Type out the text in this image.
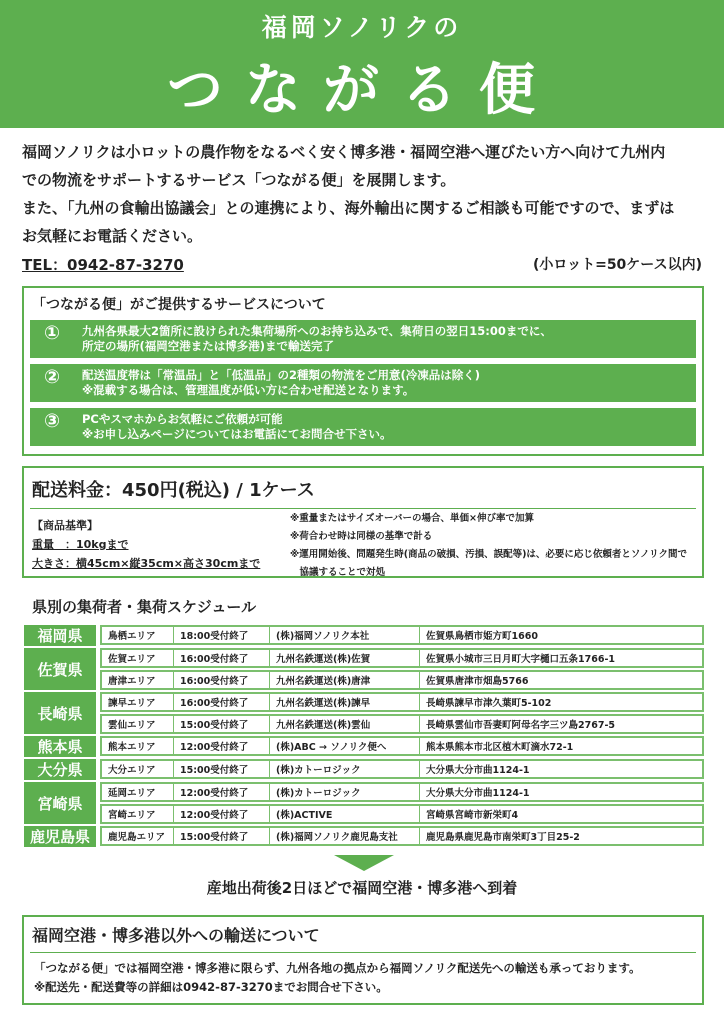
福岡ソノリクの
つながる便
福岡ソノリクは小ロットの農作物をなるべく安く博多港・福岡空港へ運びたい方へ向けて九州内
での物流をサポートするサービス「つながる便」を展開します。
また、「九州の食輸出協議会」との連携により、海外輸出に関するご相談も可能ですので、まずは
お気軽にお電話ください。
TEL：0942-87-3270	(小ロット=50ケース以内)
「つながる便」がご提供するサービスについて
① 九州各県最大2箇所に設けられた集荷場所へのお持ち込みで、集荷日の翌日15:00までに、
所定の場所(福岡空港または博多港)まで輸送完了
② 配送温度帯は「常温品」と「低温品」の2種類の物流をご用意(冷凍品は除く)
※混載する場合は、管理温度が低い方に合わせ配送となります。
③ PCやスマホからお気軽にご依頼が可能
※お申し込みページについてはお電話にてお問合せ下さい。
配送料金：450円(税込) / 1ケース
【商品基準】
重量　：10kgまで
大きさ：横45cm×縦35cm×高さ30cmまで
※重量またはサイズオーバーの場合、単価×伸び率で加算
※荷合わせ時は同様の基準で計る
※運用開始後、問題発生時(商品の破損、汚損、誤配等)は、必要に応じ依頼者とソノリク間で
　協議することで対処
県別の集荷者・集荷スケジュール
福岡県	鳥栖エリア	18:00受付終了	(株)福岡ソノリク本社	佐賀県鳥栖市姫方町1660
佐賀県
佐賀エリア	16:00受付終了	九州名鉄運送(株)佐賀	佐賀県小城市三日月町大字樋口五条1766-1
唐津エリア	16:00受付終了	九州名鉄運送(株)唐津	佐賀県唐津市畑島5766
長崎県
諫早エリア	16:00受付終了	九州名鉄運送(株)諫早	長崎県諫早市津久葉町5-102
雲仙エリア	15:00受付終了	九州名鉄運送(株)雲仙	長崎県雲仙市吾妻町阿母名字三ツ島2767-5
熊本県	熊本エリア	12:00受付終了	(株)ABC → ソノリク便へ	熊本県熊本市北区植木町滴水72-1
大分県	大分エリア	15:00受付終了	(株)カトーロジック	大分県大分市曲1124-1
宮崎県
延岡エリア	12:00受付終了	(株)カトーロジック	大分県大分市曲1124-1
宮崎エリア	12:00受付終了	(株)ACTIVE	宮崎県宮崎市新栄町4
鹿児島県	鹿児島エリア	15:00受付終了	(株)福岡ソノリク鹿児島支社	鹿児島県鹿児島市南栄町3丁目25-2
産地出荷後2日ほどで福岡空港・博多港へ到着
福岡空港・博多港以外への輸送について

「つながる便」では福岡空港・博多港に限らず、九州各地の拠点から福岡ソノリク配送先への輸送も承っております。
※配送先・配送費等の詳細は0942-87-3270までお問合せ下さい。
